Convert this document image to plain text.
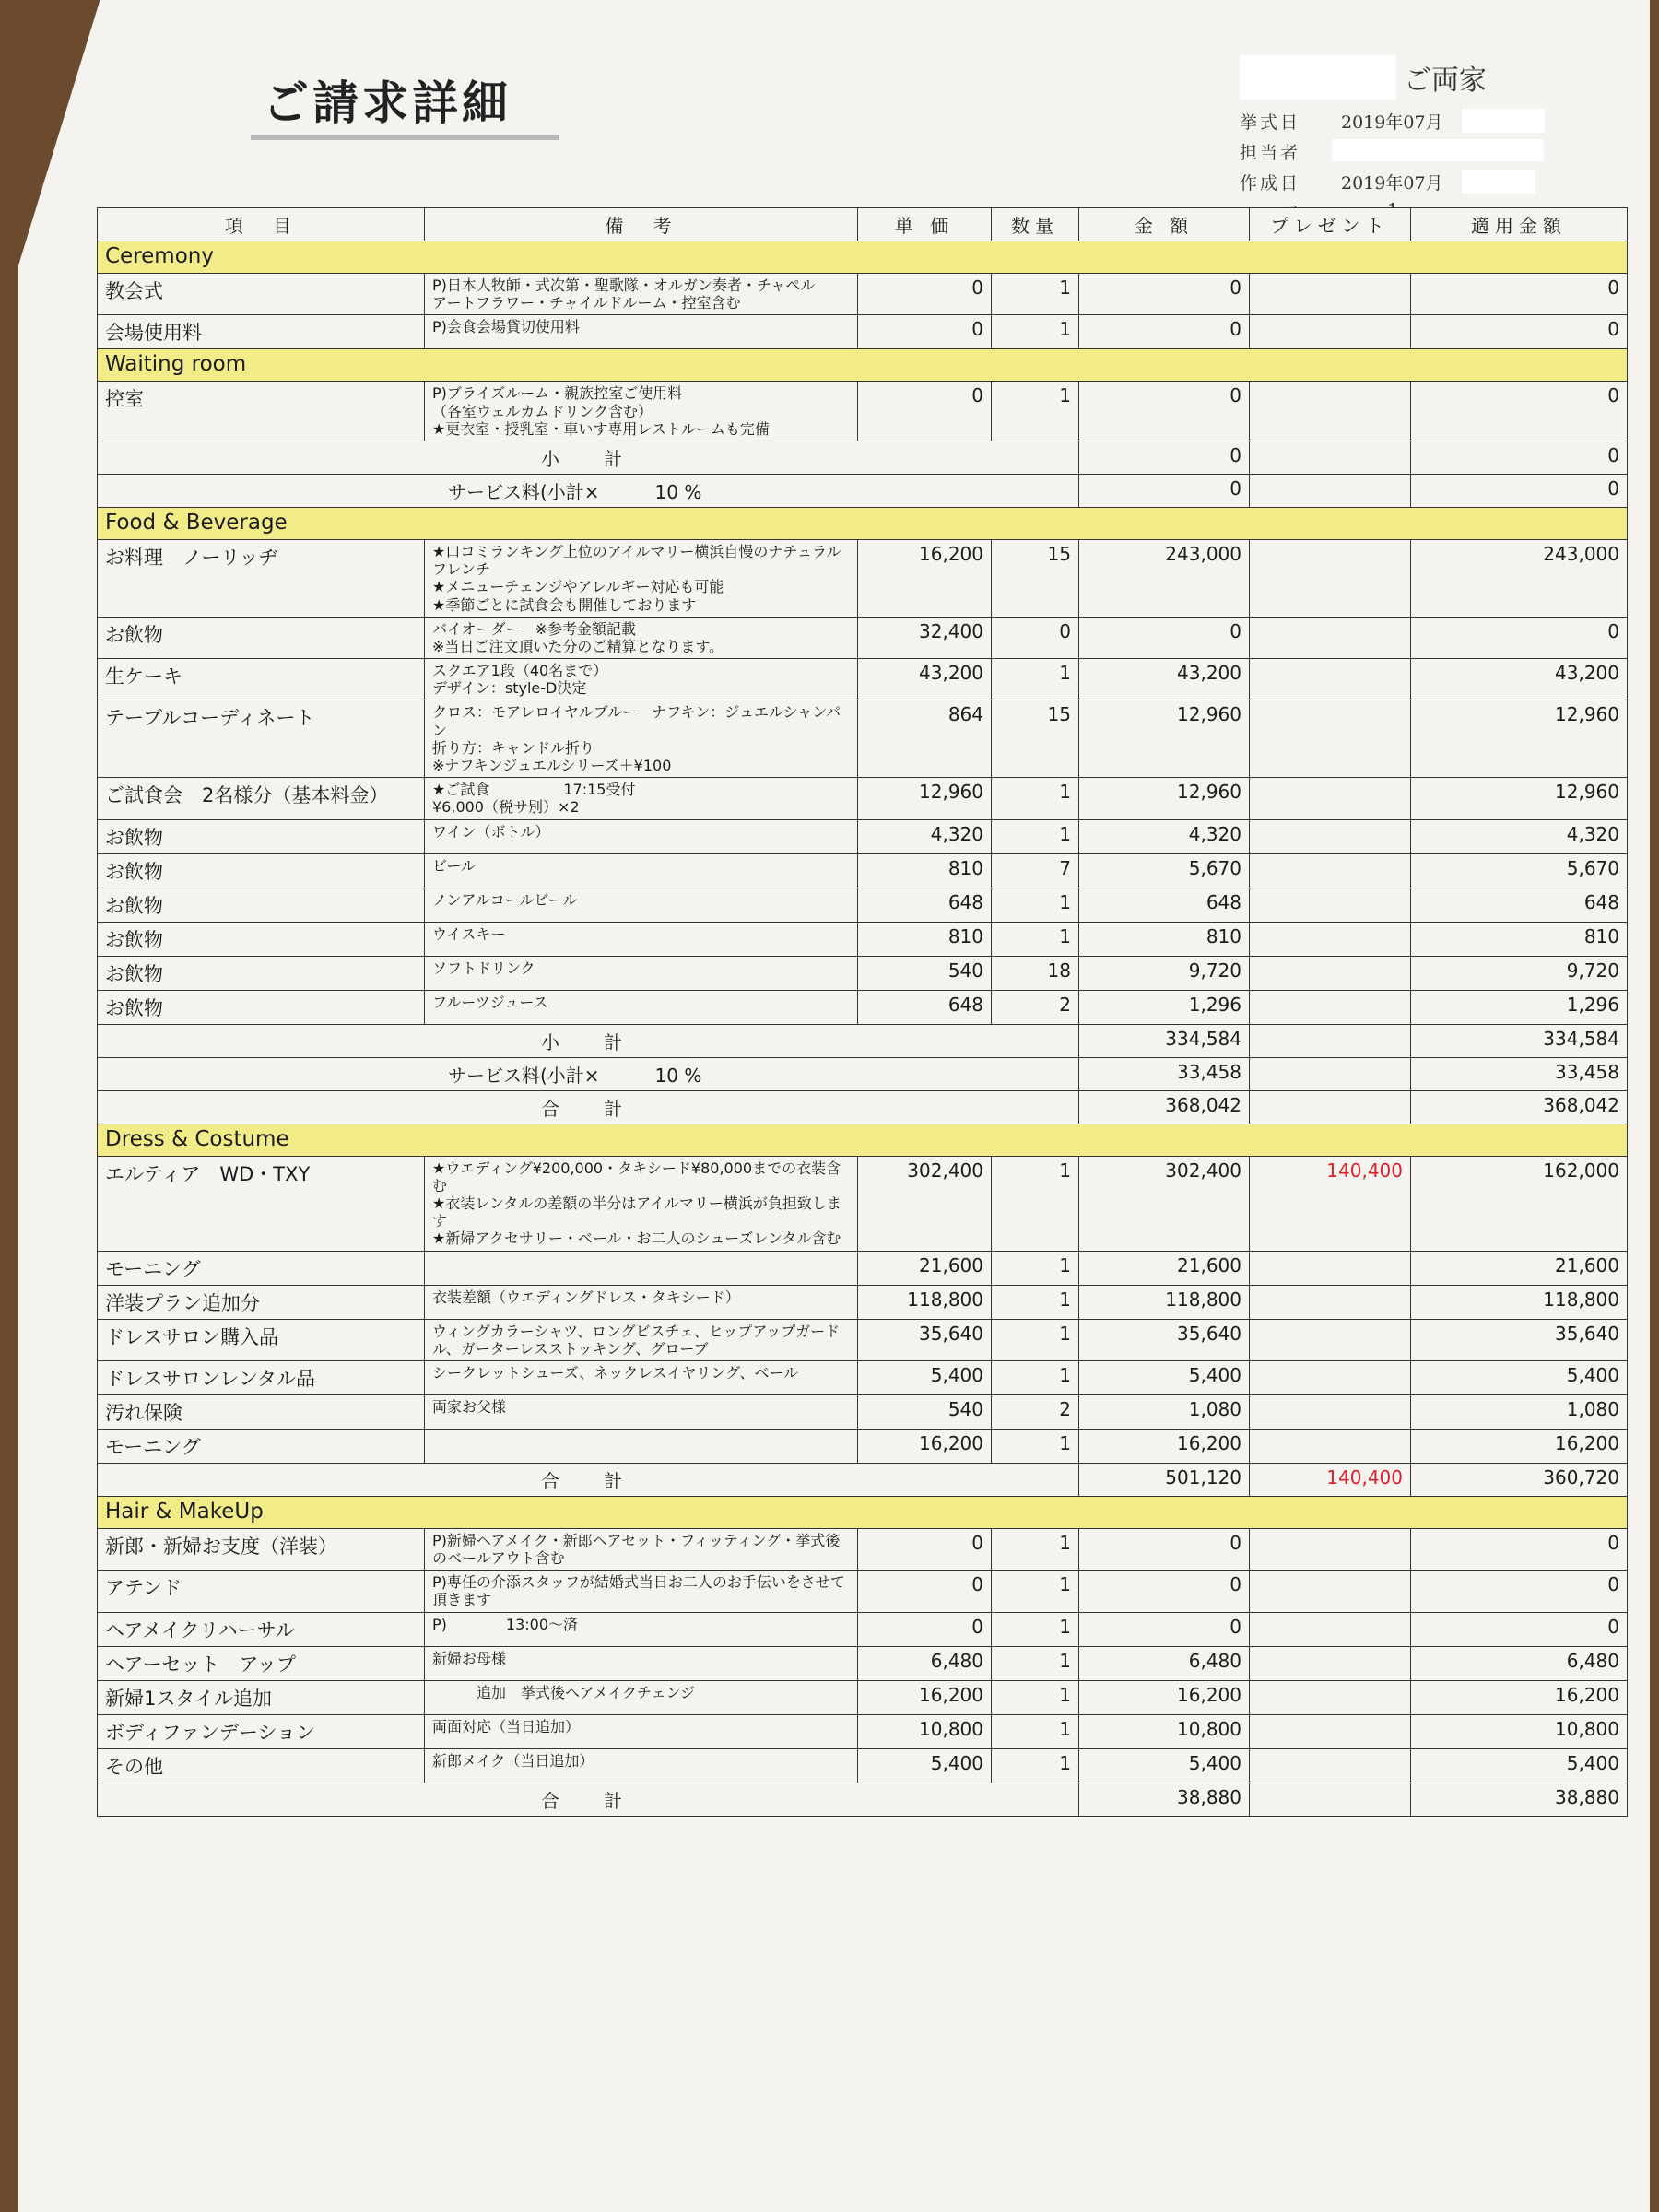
ご請求詳細	ご両家
挙式日	2019年07月
担当者
作成日	2019年07月
項　目	備　考	単 価	数量	金 額	プレゼント	適用金額
Ceremony						
教会式	P)日本人牧師・式次第・聖歌隊・オルガン奏者・チャペル
アートフラワー・チャイルドルーム・控室含む	0	1	0		0
会場使用料	P)会食会場貸切使用料	0	1	0		0
Waiting room						
控室	P)ブライズルーム・親族控室ご使用料
（各室ウェルカムドリンク含む）
★更衣室・授乳室・車いす専用レストルームも完備	0	1	0		0
小　計				0		0
サービス料(小計×　　　10 %				0		0
Food & Beverage						
お料理　ノーリッヂ	★口コミランキング上位のアイルマリー横浜自慢のナチュラルフレンチ
★メニューチェンジやアレルギー対応も可能
★季節ごとに試食会も開催しております	16,200	15	243,000		243,000
お飲物	バイオーダー　※参考金額記載
※当日ご注文頂いた分のご精算となります。	32,400	0	0		0
生ケーキ	スクエア1段（40名まで）
デザイン：style-D決定	43,200	1	43,200		43,200
テーブルコーディネート	クロス：モアレロイヤルブルー　ナフキン：ジュエルシャンパン
折り方：キャンドル折り
※ナフキンジュエルシリーズ＋¥100	864	15	12,960		12,960
ご試食会　2名様分（基本料金）	★ご試食　　　　　17:15受付
¥6,000（税サ別）×2	12,960	1	12,960		12,960
お飲物	ワイン（ボトル）	4,320	1	4,320		4,320
お飲物	ビール	810	7	5,670		5,670
お飲物	ノンアルコールビール	648	1	648		648
お飲物	ウイスキー	810	1	810		810
お飲物	ソフトドリンク	540	18	9,720		9,720
お飲物	フルーツジュース	648	2	1,296		1,296
小　計				334,584		334,584
サービス料(小計×　　　10 %				33,458		33,458
合　計				368,042		368,042
Dress & Costume						
エルティア　WD・TXY	★ウエディング¥200,000・タキシード¥80,000までの衣装含む
★衣装レンタルの差額の半分はアイルマリー横浜が負担致します
★新婦アクセサリー・ベール・お二人のシューズレンタル含む	302,400	1	302,400	140,400	162,000
モーニング		21,600	1	21,600		21,600
洋装プラン追加分	衣装差額（ウエディングドレス・タキシード）	118,800	1	118,800		118,800
ドレスサロン購入品	ウィングカラーシャツ、ロングビスチェ、ヒップアップガードル、ガーターレスストッキング、グローブ	35,640	1	35,640		35,640
ドレスサロンレンタル品	シークレットシューズ、ネックレスイヤリング、ベール	5,400	1	5,400		5,400
汚れ保険	両家お父様	540	2	1,080		1,080
モーニング		16,200	1	16,200		16,200
合　計				501,120	140,400	360,720
Hair & MakeUp						
新郎・新婦お支度（洋装）	P)新婦ヘアメイク・新郎ヘアセット・フィッティング・挙式後のベールアウト含む	0	1	0		0
アテンド	P)専任の介添スタッフが結婚式当日お二人のお手伝いをさせて頂きます	0	1	0		0
ヘアメイクリハーサル	P)　　　　13:00～済	0	1	0		0
ヘアーセット　アップ	新婦お母様	6,480	1	6,480		6,480
新婦1スタイル追加	　　　追加　挙式後ヘアメイクチェンジ	16,200	1	16,200		16,200
ボディファンデーション	両面対応（当日追加）	10,800	1	10,800		10,800
その他	新郎メイク（当日追加）	5,400	1	5,400		5,400
合　計				38,880		38,880
